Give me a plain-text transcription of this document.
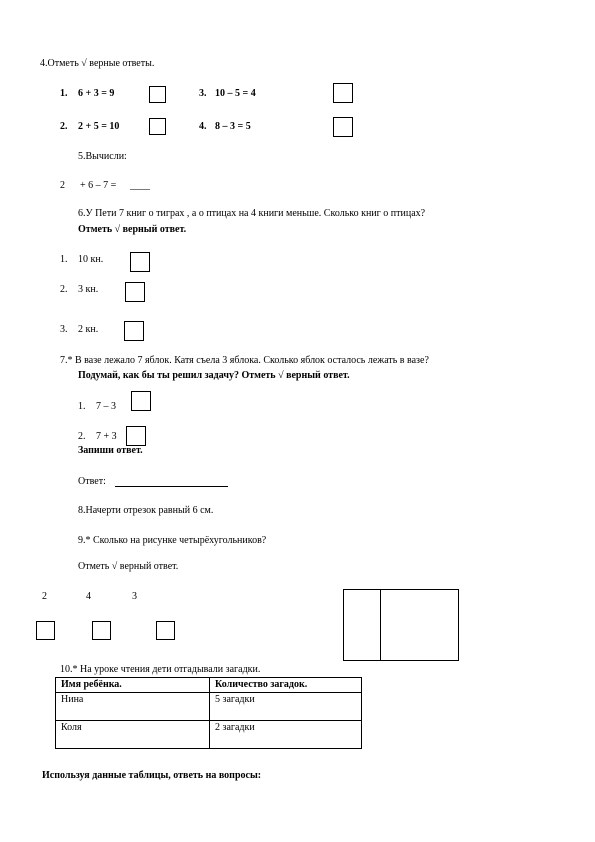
4.Отметь √ верные ответы.
1. 6 + 3 = 9	3. 10 – 5 = 4
2. 2 + 5 = 10	4. 8 – 3 = 5
5.Вычисли:
2 + 6 – 7 = ____
6.У Пети 7 книг о тиграх , а о птицах на 4 книги меньше. Сколько книг о птицах?
Отметь √ верный ответ.
1. 10 кн.
2. 3 кн.
3. 2 кн.
7.* В вазе лежало 7 яблок. Катя съела 3 яблока. Сколько яблок осталось лежать в вазе?
Подумай, как бы ты решил задачу? Отметь √ верный ответ.
1. 7 – 3
2. 7 + 3
Запиши ответ.
Ответ:
8.Начерти отрезок равный 6 см.
9.* Сколько на рисунке четырёхугольников?
Отметь √ верный ответ.
2	4	3
10.* На уроке чтения дети отгадывали загадки.
Имя ребёнка.	Количество загадок.
Нина	5 загадки
Коля	2 загадки
Используя данные таблицы, ответь на вопросы:
